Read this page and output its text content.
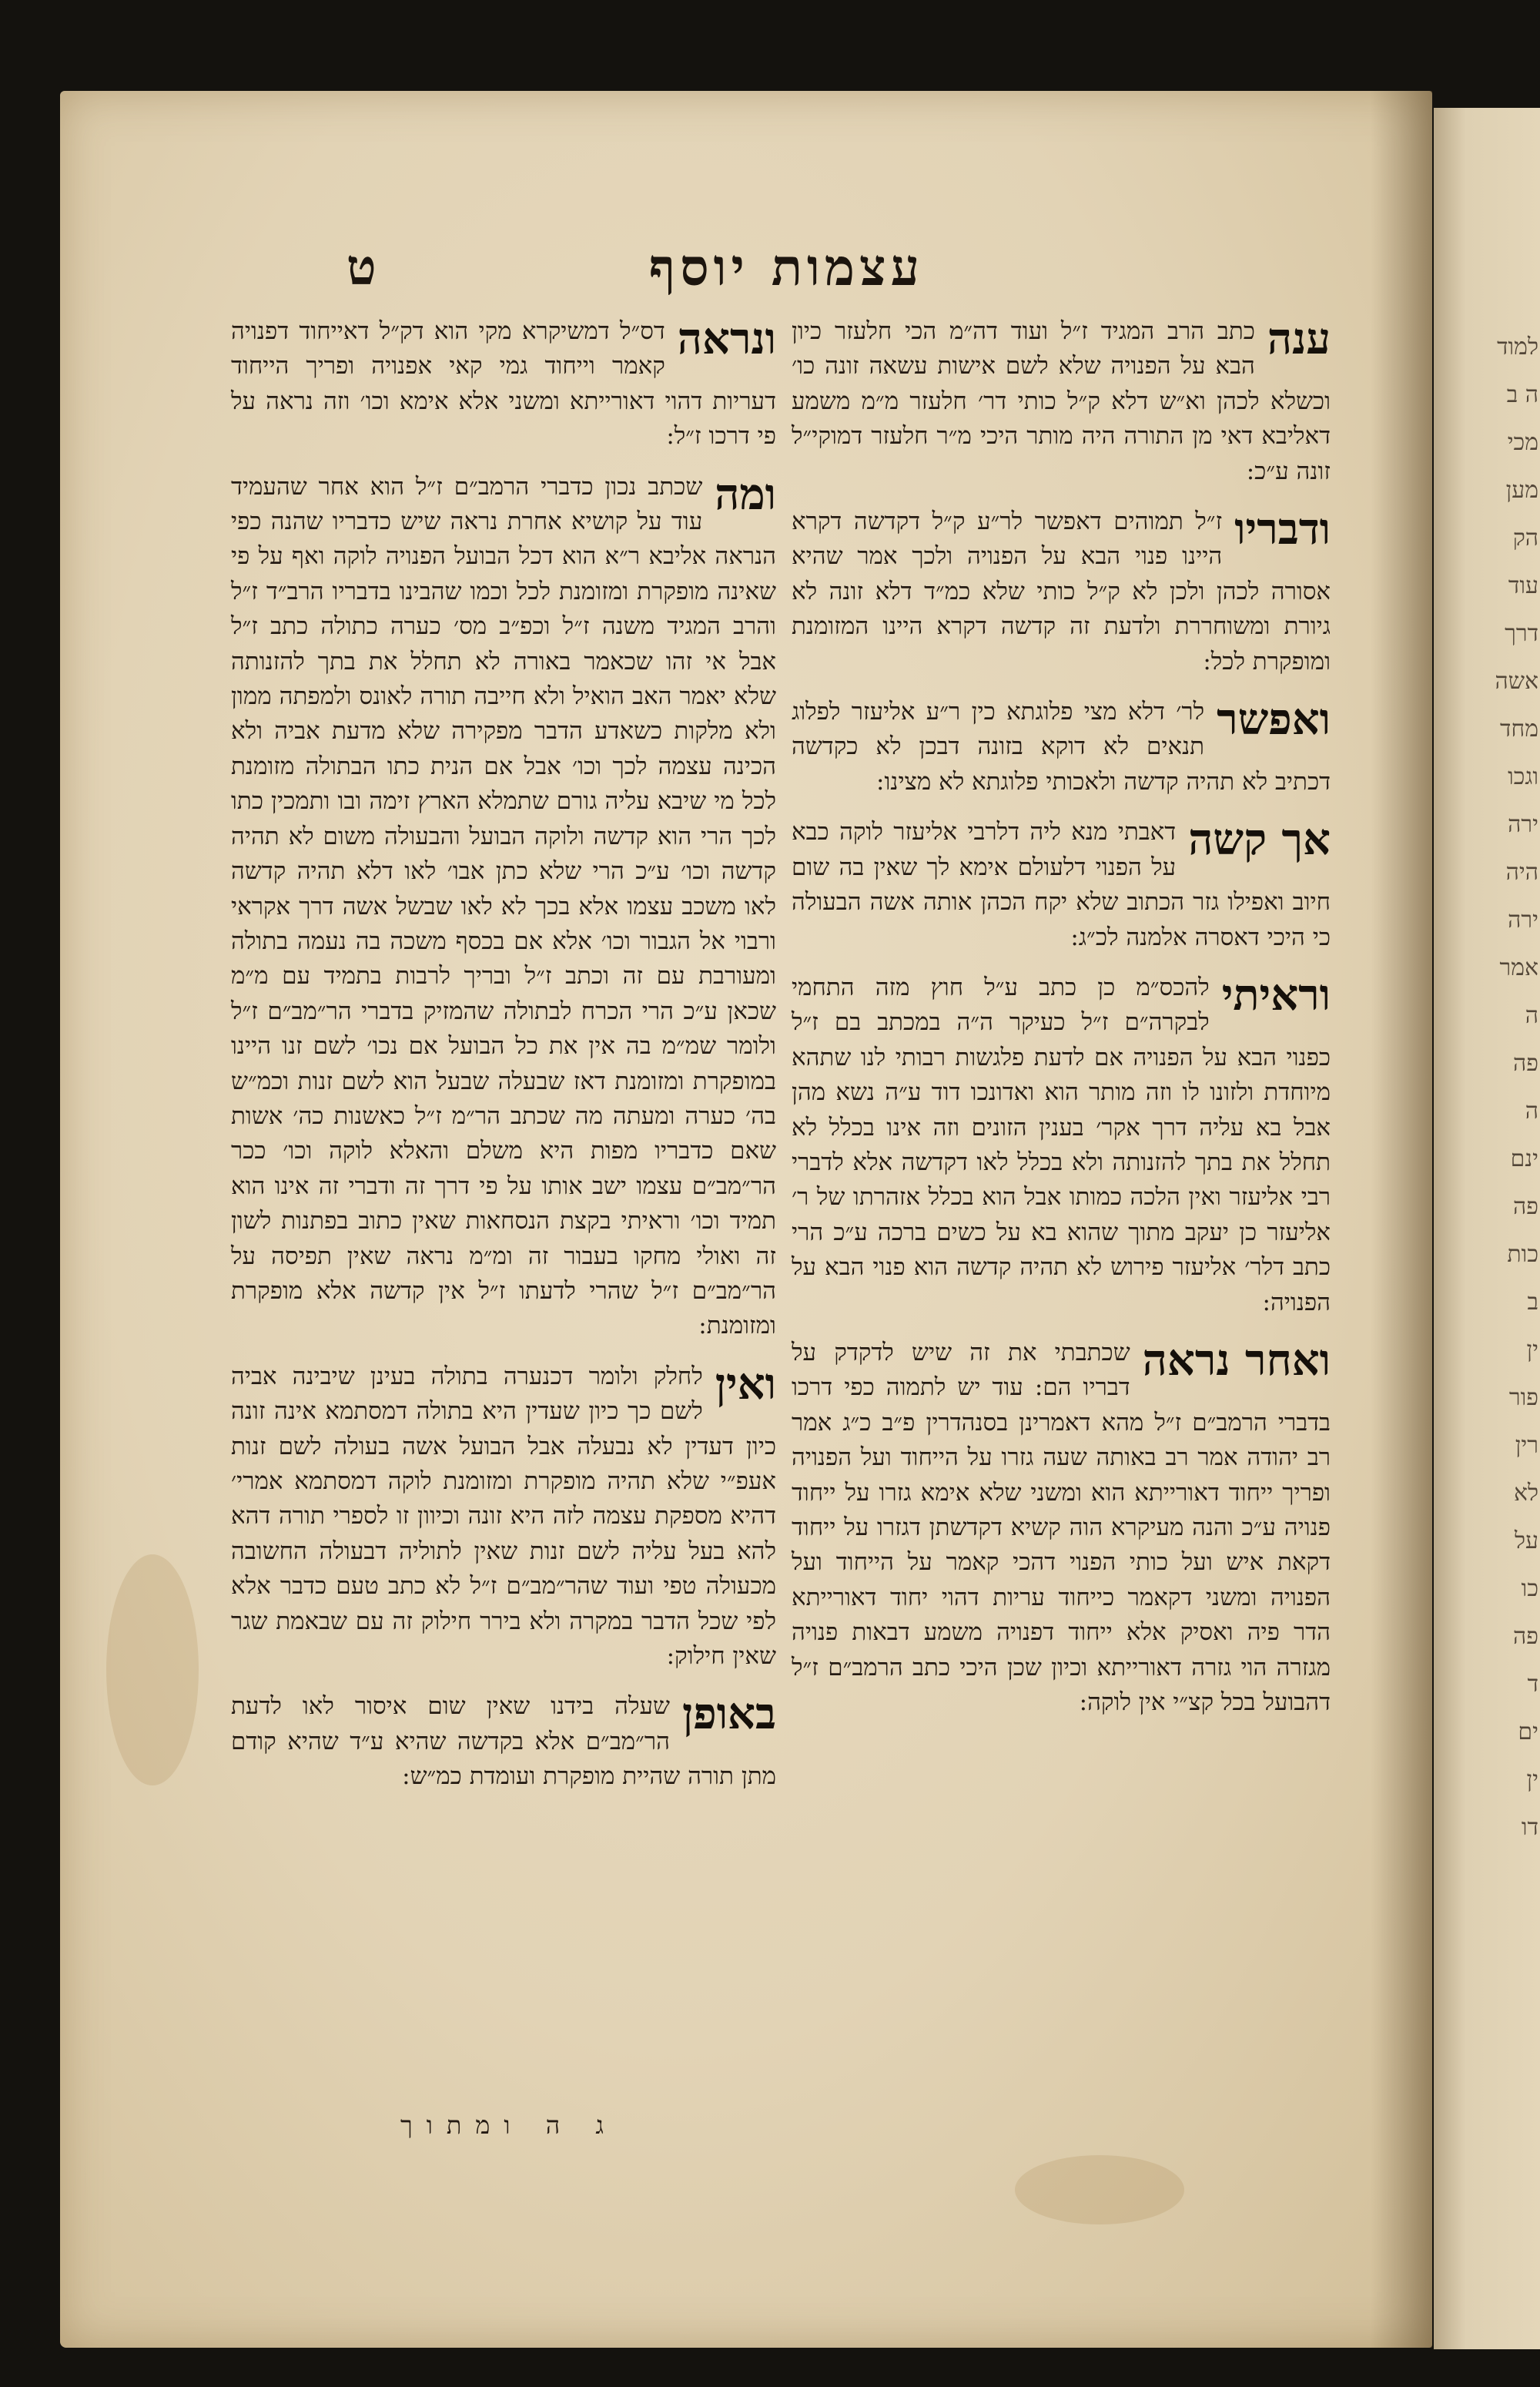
למוד
ה ב
מכי
מען
הק
עוד
דרך
אשה
מחד
וגכו
ירה
היה
ירה
אמר
ה
פה
ה
ינם
פה
כות
ב
ין
פור
רין
לא
על
כו
פה
ד
ים
ין
דו
עצמות יוסף
ט
ענה
כתב הרב המגיד ז״ל ועוד דה״מ הכי חלעזר כיון הבא על הפנויה שלא לשם אישות עשאה זונה כו׳ וכשלא לכהן וא״ש דלא ק״ל כותי דר׳ חלעזר מ״מ משמע דאליבא דאי מן התורה היה מותר היכי מ״ר חלעזר דמוקי״ל זונה ע״כ:
ודבריו
ז״ל תמוהים דאפשר לר״ע ק״ל דקדשה דקרא היינו פנוי הבא על הפנויה ולכך אמר שהיא אסורה לכהן ולכן לא ק״ל כותי שלא כמ״ד דלא זונה לא גיורת ומשוחררת ולדעת זה קדשה דקרא היינו המזומנת ומופקרת לכל:
ואפשר
לר׳ דלא מצי פלוגתא כין ר״ע אליעזר לפלוג תנאים לא דוקא בזונה דבכן לא כקדשה דכתיב לא תהיה קדשה ולאכותי פלוגתא לא מצינו:
אך קשה
דאבתי מנא ליה דלרבי אליעזר לוקה כבא על הפנוי דלעולם אימא לך שאין בה שום חיוב ואפילו גזר הכתוב שלא יקח הכהן אותה אשה הבעולה כי היכי דאסרה אלמנה לכ״ג:
וראיתי
להכס״מ כן כתב ע״ל חוץ מזה התחמי לבקרה״ם ז״ל כעיקר ה״ה במכתב בם ז״ל כפנוי הבא על הפנויה אם לדעת פלגשות רבותי לנו שתהא מיוחדת ולזונו לו וזה מותר הוא ואדונכו דוד ע״ה נשא מהן אבל בא עליה דרך אקר׳ בענין הזונים וזה אינו בכלל לא תחלל את בתך להזנותה ולא בכלל לאו דקדשה אלא לדברי רבי אליעזר ואין הלכה כמותו אבל הוא בכלל אזהרתו של ר׳ אליעזר כן יעקב מתוך שהוא בא על כשים ברכה ע״כ הרי כתב דלר׳ אליעזר פירוש לא תהיה קדשה הוא פנוי הבא על הפנויה:
ואחר נראה
שכתבתי את זה שיש לדקדק על דבריו הם: עוד יש לתמוה כפי דרכו בדברי הרמב״ם ז״ל מהא דאמרינן בסנהדרין פ״ב כ״ג אמר רב יהודה אמר רב באותה שעה גזרו על הייחוד ועל הפנויה ופריך ייחוד דאורייתא הוא ומשני שלא אימא גזרו על ייחוד פנויה ע״כ והנה מעיקרא הוה קשיא דקדשתן דגזרו על ייחוד דקאת איש ועל כותי הפנוי דהכי קאמר על הייחוד ועל הפנויה ומשני דקאמר כייחוד עריות דהוי יחוד דאורייתא הדר פיה ואסיק אלא ייחוד דפנויה משמע דבאות פנויה מגזרה הוי גזרה דאורייתא וכיון שכן היכי כתב הרמב״ם ז״ל דהבועל בכל קצ״י אין לוקה:
ונראה
דס״ל דמשיקרא מקי הוא דק״ל דאייחוד דפנויה קאמר וייחוד גמי קאי אפנויה ופריך הייחוד דעריות דהוי דאורייתא ומשני אלא אימא וכו׳ וזה נראה על פי דרכו ז״ל:
ומה
שכתב נכון כדברי הרמב״ם ז״ל הוא אחר שהעמיד עוד על קושיא אחרת נראה שיש כדבריו שהנה כפי הנראה אליבא ר״א הוא דכל הבועל הפנויה לוקה ואף על פי שאינה מופקרת ומזומנת לכל וכמו שהבינו בדבריו הרב״ד ז״ל והרב המגיד משנה ז״ל וכפ״ב מס׳ כערה כתולה כתב ז״ל אבל אי זהו שכאמר באורה לא תחלל את בתך להזנותה שלא יאמר האב הואיל ולא חייבה תורה לאונס ולמפתה ממון ולא מלקות כשאדע הדבר מפקירה שלא מדעת אביה ולא הכינה עצמה לכך וכו׳ אבל אם הנית כתו הבתולה מזומנת לכל מי שיבא עליה גורם שתמלא הארץ זימה ובו ותמכין כתו לכך הרי הוא קדשה ולוקה הבועל והבעולה משום לא תהיה קדשה וכו׳ ע״כ הרי שלא כתן אבו׳ לאו דלא תהיה קדשה לאו משכב עצמו אלא בכך לא לאו שבשל אשה דרך אקראי ורבוי אל הגבור וכו׳ אלא אם בכסף משכה בה נעמה בתולה ומעורבת עם זה וכתב ז״ל ובריך לרבות בתמיד עם מ״מ שכאן ע״כ הרי הכרח לבתולה שהמזיק בדברי הר״מב״ם ז״ל ולומר שמ״מ בה אין את כל הבועל אם נכו׳ לשם זנו היינו במופקרת ומזומנת דאז שבעלה שבעל הוא לשם זנות וכמ״ש בה׳ כערה ומעתה מה שכתב הר״מ ז״ל כאשנות כה׳ אשות שאם כדבריו מפות היא משלם והאלא לוקה וכו׳ ככר הר״מב״ם עצמו ישב אותו על פי דרך זה ודברי זה אינו הוא תמיד וכו׳ וראיתי בקצת הנסחאות שאין כתוב בפתנות לשון זה ואולי מחקו בעבור זה ומ״מ נראה שאין תפיסה על הר״מב״ם ז״ל שהרי לדעתו ז״ל אין קדשה אלא מופקרת ומזומנת:
ואין
לחלק ולומר דכנערה בתולה בעינן שיבינה אביה לשם כך כיון שעדין היא בתולה דמסתמא אינה זונה כיון דעדין לא נבעלה אבל הבועל אשה בעולה לשם זנות אעפ״י שלא תהיה מופקרת ומזומנת לוקה דמסתמא אמרי׳ דהיא מספקת עצמה לזה היא זונה וכיוון זו לספרי תורה דהא להא בעל עליה לשם זנות שאין לתוליה דבעולה החשובה מכעולה טפי ועוד שהר״מב״ם ז״ל לא כתב טעם כדבר אלא לפי שכל הדבר במקרה ולא בירר חילוק זה עם שבאמת שגר שאין חילוק:
באופן
שעלה בידנו שאין שום איסור לאו לדעת הר״מב״ם אלא בקדשה שהיא ע״ד שהיא קודם מתן תורה שהיית מופקרת ועומדת כמ״ש:
ג ה ומתוך
